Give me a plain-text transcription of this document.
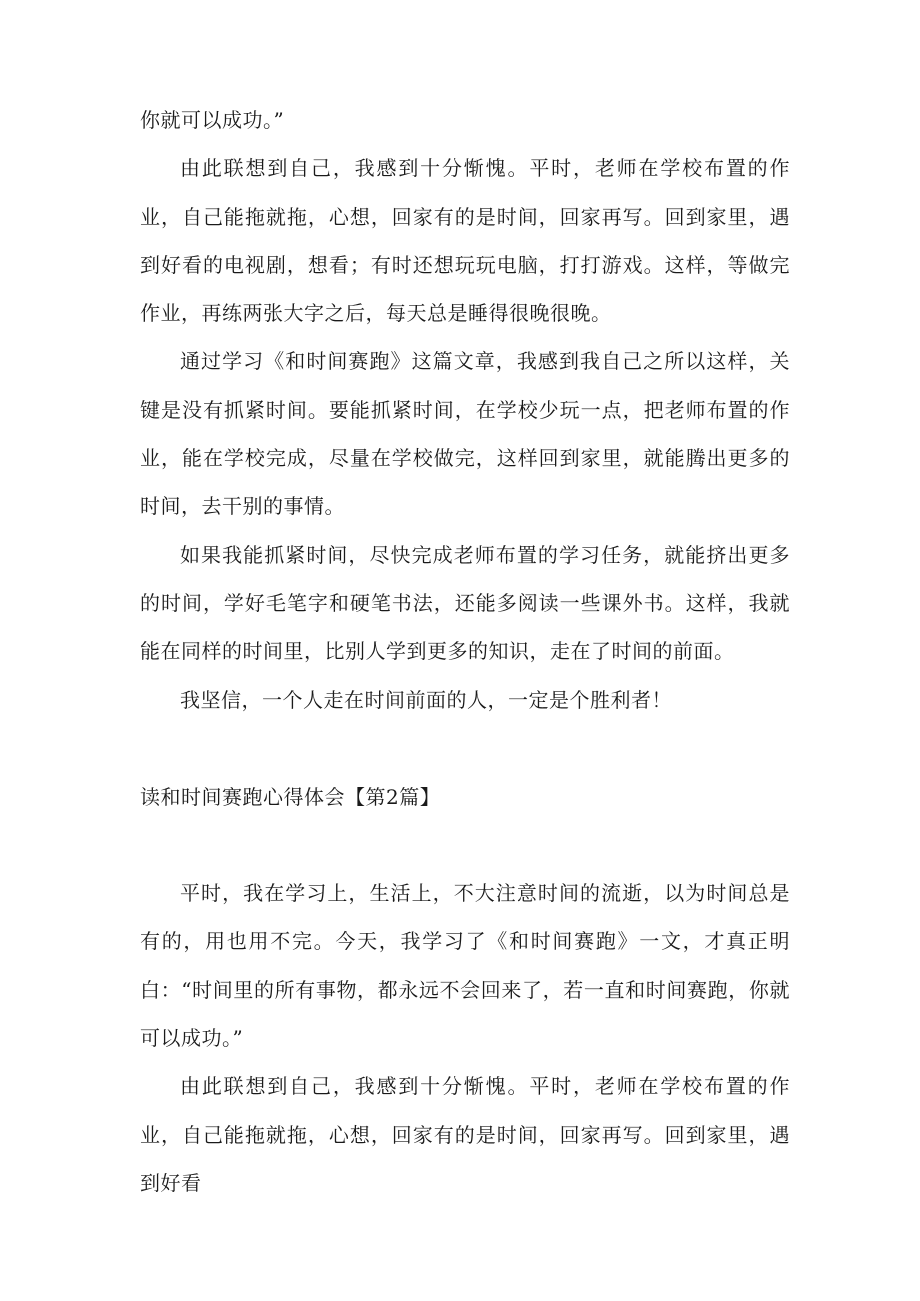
你就可以成功。”

由此联想到自己，我感到十分惭愧。平时，老师在学校布置的作业，自己能拖就拖，心想，回家有的是时间，回家再写。回到家里，遇到好看的电视剧，想看；有时还想玩玩电脑，打打游戏。这样，等做完作业，再练两张大字之后，每天总是睡得很晚很晚。

通过学习《和时间赛跑》这篇文章，我感到我自己之所以这样，关键是没有抓紧时间。要能抓紧时间，在学校少玩一点，把老师布置的作业，能在学校完成，尽量在学校做完，这样回到家里，就能腾出更多的时间，去干别的事情。

如果我能抓紧时间，尽快完成老师布置的学习任务，就能挤出更多的时间，学好毛笔字和硬笔书法，还能多阅读一些课外书。这样，我就能在同样的时间里，比别人学到更多的知识，走在了时间的前面。

我坚信，一个人走在时间前面的人，一定是个胜利者！

读和时间赛跑心得体会【第2篇】

平时，我在学习上，生活上，不大注意时间的流逝，以为时间总是有的，用也用不完。今天，我学习了《和时间赛跑》一文，才真正明白：“时间里的所有事物，都永远不会回来了，若一直和时间赛跑，你就可以成功。”

由此联想到自己，我感到十分惭愧。平时，老师在学校布置的作业，自己能拖就拖，心想，回家有的是时间，回家再写。回到家里，遇到好看
